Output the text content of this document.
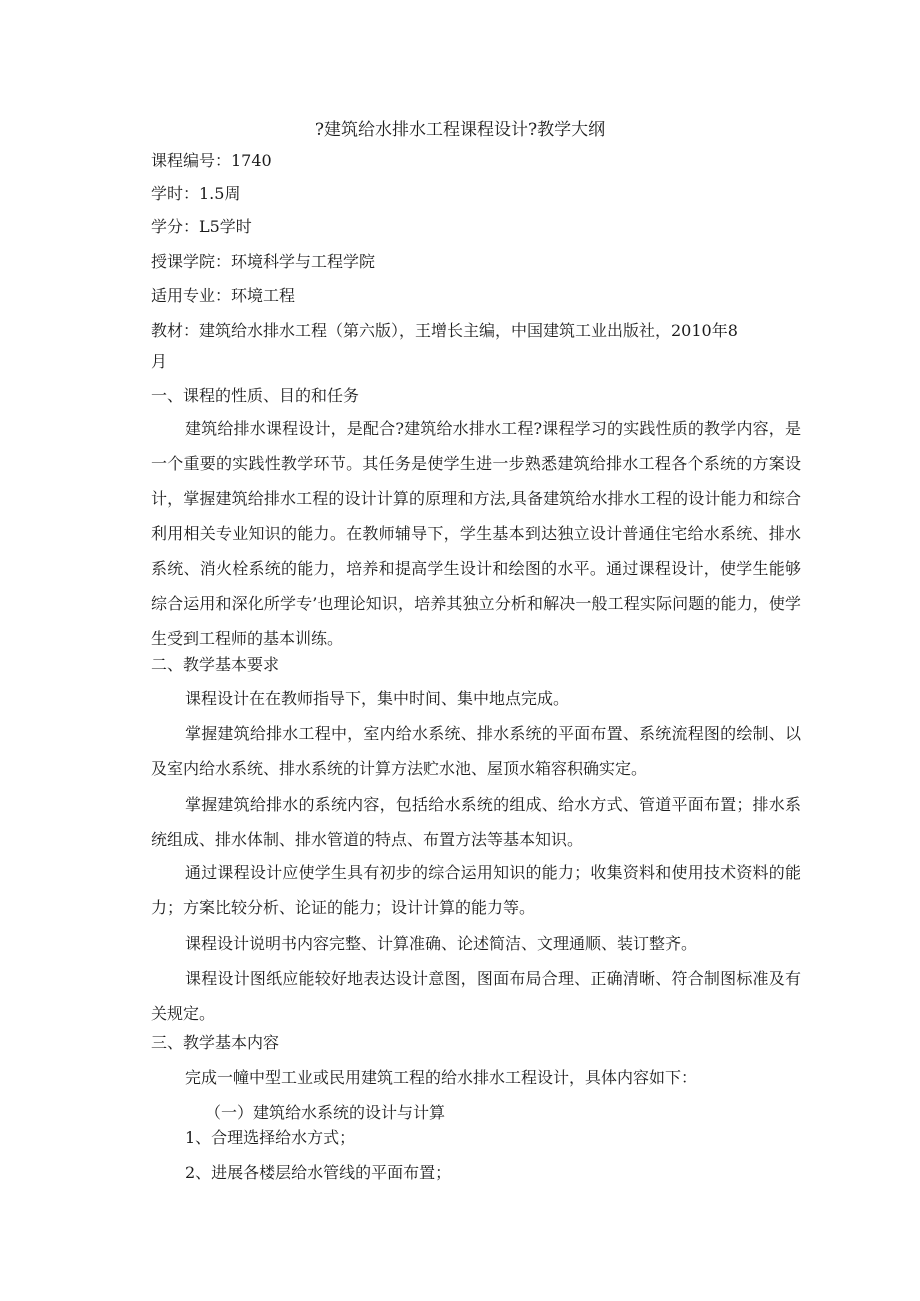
?建筑给水排水工程课程设计?教学大纲
课程编号：1740
学时：1.5周
学分：L5学时
授课学院：环境科学与工程学院
适用专业：环境工程
教材：建筑给水排水工程（第六版），王增长主编，中国建筑工业出版社，2010年8
月
一、课程的性质、目的和任务
建筑给排水课程设计，是配合?建筑给水排水工程?课程学习的实践性质的教学内容，是一个重要的实践性教学环节。其任务是使学生进一步熟悉建筑给排水工程各个系统的方案设计，掌握建筑给排水工程的设计计算的原理和方法,具备建筑给水排水工程的设计能力和综合利用相关专业知识的能力。在教师辅导下，学生基本到达独立设计普通住宅给水系统、排水系统、消火栓系统的能力，培养和提高学生设计和绘图的水平。通过课程设计，使学生能够综合运用和深化所学专’也理论知识，培养其独立分析和解决一般工程实际问题的能力，使学生受到工程师的基本训练。
二、教学基本要求
课程设计在在教师指导下，集中时间、集中地点完成。
掌握建筑给排水工程中，室内给水系统、排水系统的平面布置、系统流程图的绘制、以及室内给水系统、排水系统的计算方法贮水池、屋顶水箱容积确实定。
掌握建筑给排水的系统内容，包括给水系统的组成、给水方式、管道平面布置；排水系统组成、排水体制、排水管道的特点、布置方法等基本知识。
通过课程设计应使学生具有初步的综合运用知识的能力；收集资料和使用技术资料的能力；方案比较分析、论证的能力；设计计算的能力等。
课程设计说明书内容完整、计算准确、论述简洁、文理通顺、装订整齐。
课程设计图纸应能较好地表达设计意图，图面布局合理、正确清晰、符合制图标准及有关规定。
三、教学基本内容
完成一幢中型工业或民用建筑工程的给水排水工程设计，具体内容如下：
（一）建筑给水系统的设计与计算
1、合理选择给水方式；
2、进展各楼层给水管线的平面布置；
